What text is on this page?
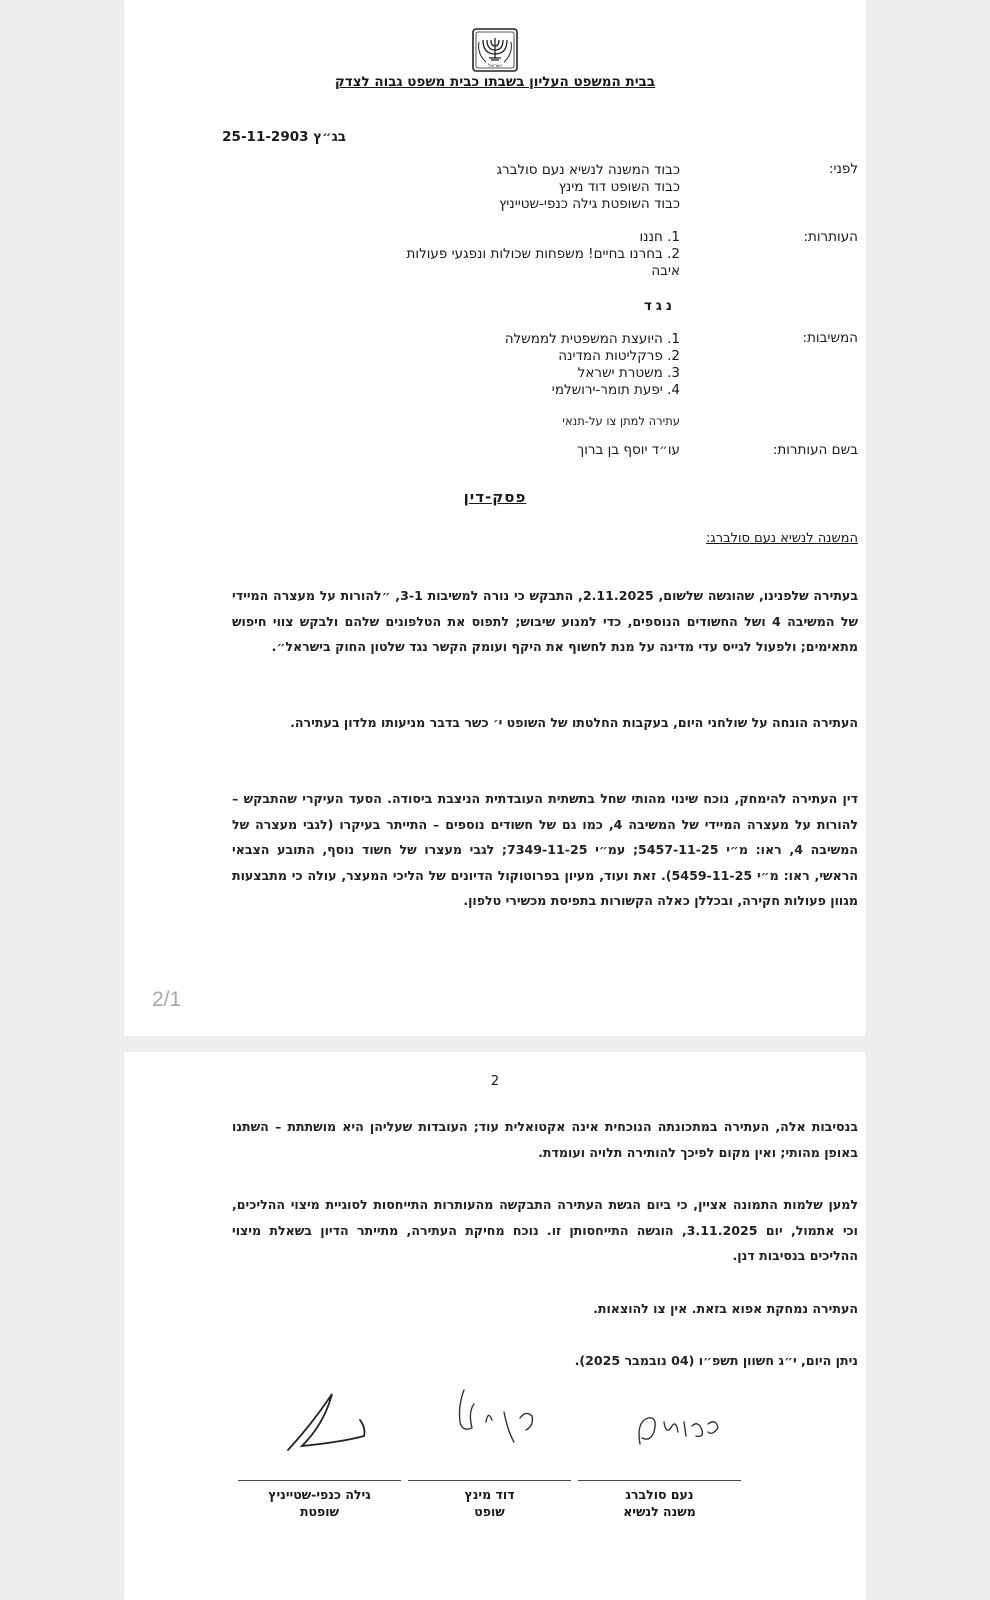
ישראל
בבית המשפט העליון בשבתו כבית משפט גבוה לצדק
בג״ץ 25-11-2903
לפני:
כבוד המשנה לנשיא נעם סולברג
כבוד השופט דוד מינץ
כבוד השופטת גילה כנפי-שטייניץ
העותרות:
1. חננו
2. בחרנו בחיים! משפחות שכולות ונפגעי פעולות
איבה
נגד
המשיבות:
1. היועצת המשפטית לממשלה
2. פרקליטות המדינה
3. משטרת ישראל
4. יפעת תומר-ירושלמי
עתירה למתן צו על-תנאי
בשם העותרות:
עו״ד יוסף בן ברוך
פסק-דין
המשנה לנשיא נעם סולברג:
בעתירה שלפנינו, שהוגשה שלשום, 2.11.2025, התבקש כי נורה למשיבות 3-1, ״להורות על מעצרה המיידי של המשיבה 4 ושל החשודים הנוספים, כדי למנוע שיבוש; לתפוס את הטלפונים שלהם ולבקש צווי חיפוש מתאימים; ולפעול לגייס עדי מדינה על מנת לחשוף את היקף ועומק הקשר נגד שלטון החוק בישראל״.
העתירה הונחה על שולחני היום, בעקבות החלטתו של השופט י׳ כשר בדבר מניעותו מלדון בעתירה.
דין העתירה להימחק, נוכח שינוי מהותי שחל בתשתית העובדתית הניצבת ביסודה. הסעד העיקרי שהתבקש – להורות על מעצרה המיידי של המשיבה 4, כמו גם של חשודים נוספים – התייתר בעיקרו (לגבי מעצרה של המשיבה 4, ראו: מ״י 5457-11-25; עמ״י 7349-11-25; לגבי מעצרו של חשוד נוסף, התובע הצבאי הראשי, ראו: מ״י 5459-11-25). זאת ועוד, מעיון בפרוטוקול הדיונים של הליכי המעצר, עולה כי מתבצעות מגוון פעולות חקירה, ובכללן כאלה הקשורות בתפיסת מכשירי טלפון.
2/1
2
בנסיבות אלה, העתירה במתכונתה הנוכחית אינה אקטואלית עוד; העובדות שעליהן היא מושתתת – השתנו באופן מהותי; ואין מקום לפיכך להותירה תלויה ועומדת.
למען שלמות התמונה אציין, כי ביום הגשת העתירה התבקשה מהעותרות התייחסות לסוגיית מיצוי ההליכים, וכי אתמול, יום 3.11.2025, הוגשה התייחסותן זו. נוכח מחיקת העתירה, מתייתר הדיון בשאלת מיצוי ההליכים בנסיבות דנן.
העתירה נמחקת אפוא בזאת. אין צו להוצאות.
ניתן היום, י״ג חשוון תשפ״ו (04 נובמבר 2025).
נעם סולברג
משנה לנשיא
דוד מינץ
שופט
גילה כנפי-שטייניץ
שופטת
